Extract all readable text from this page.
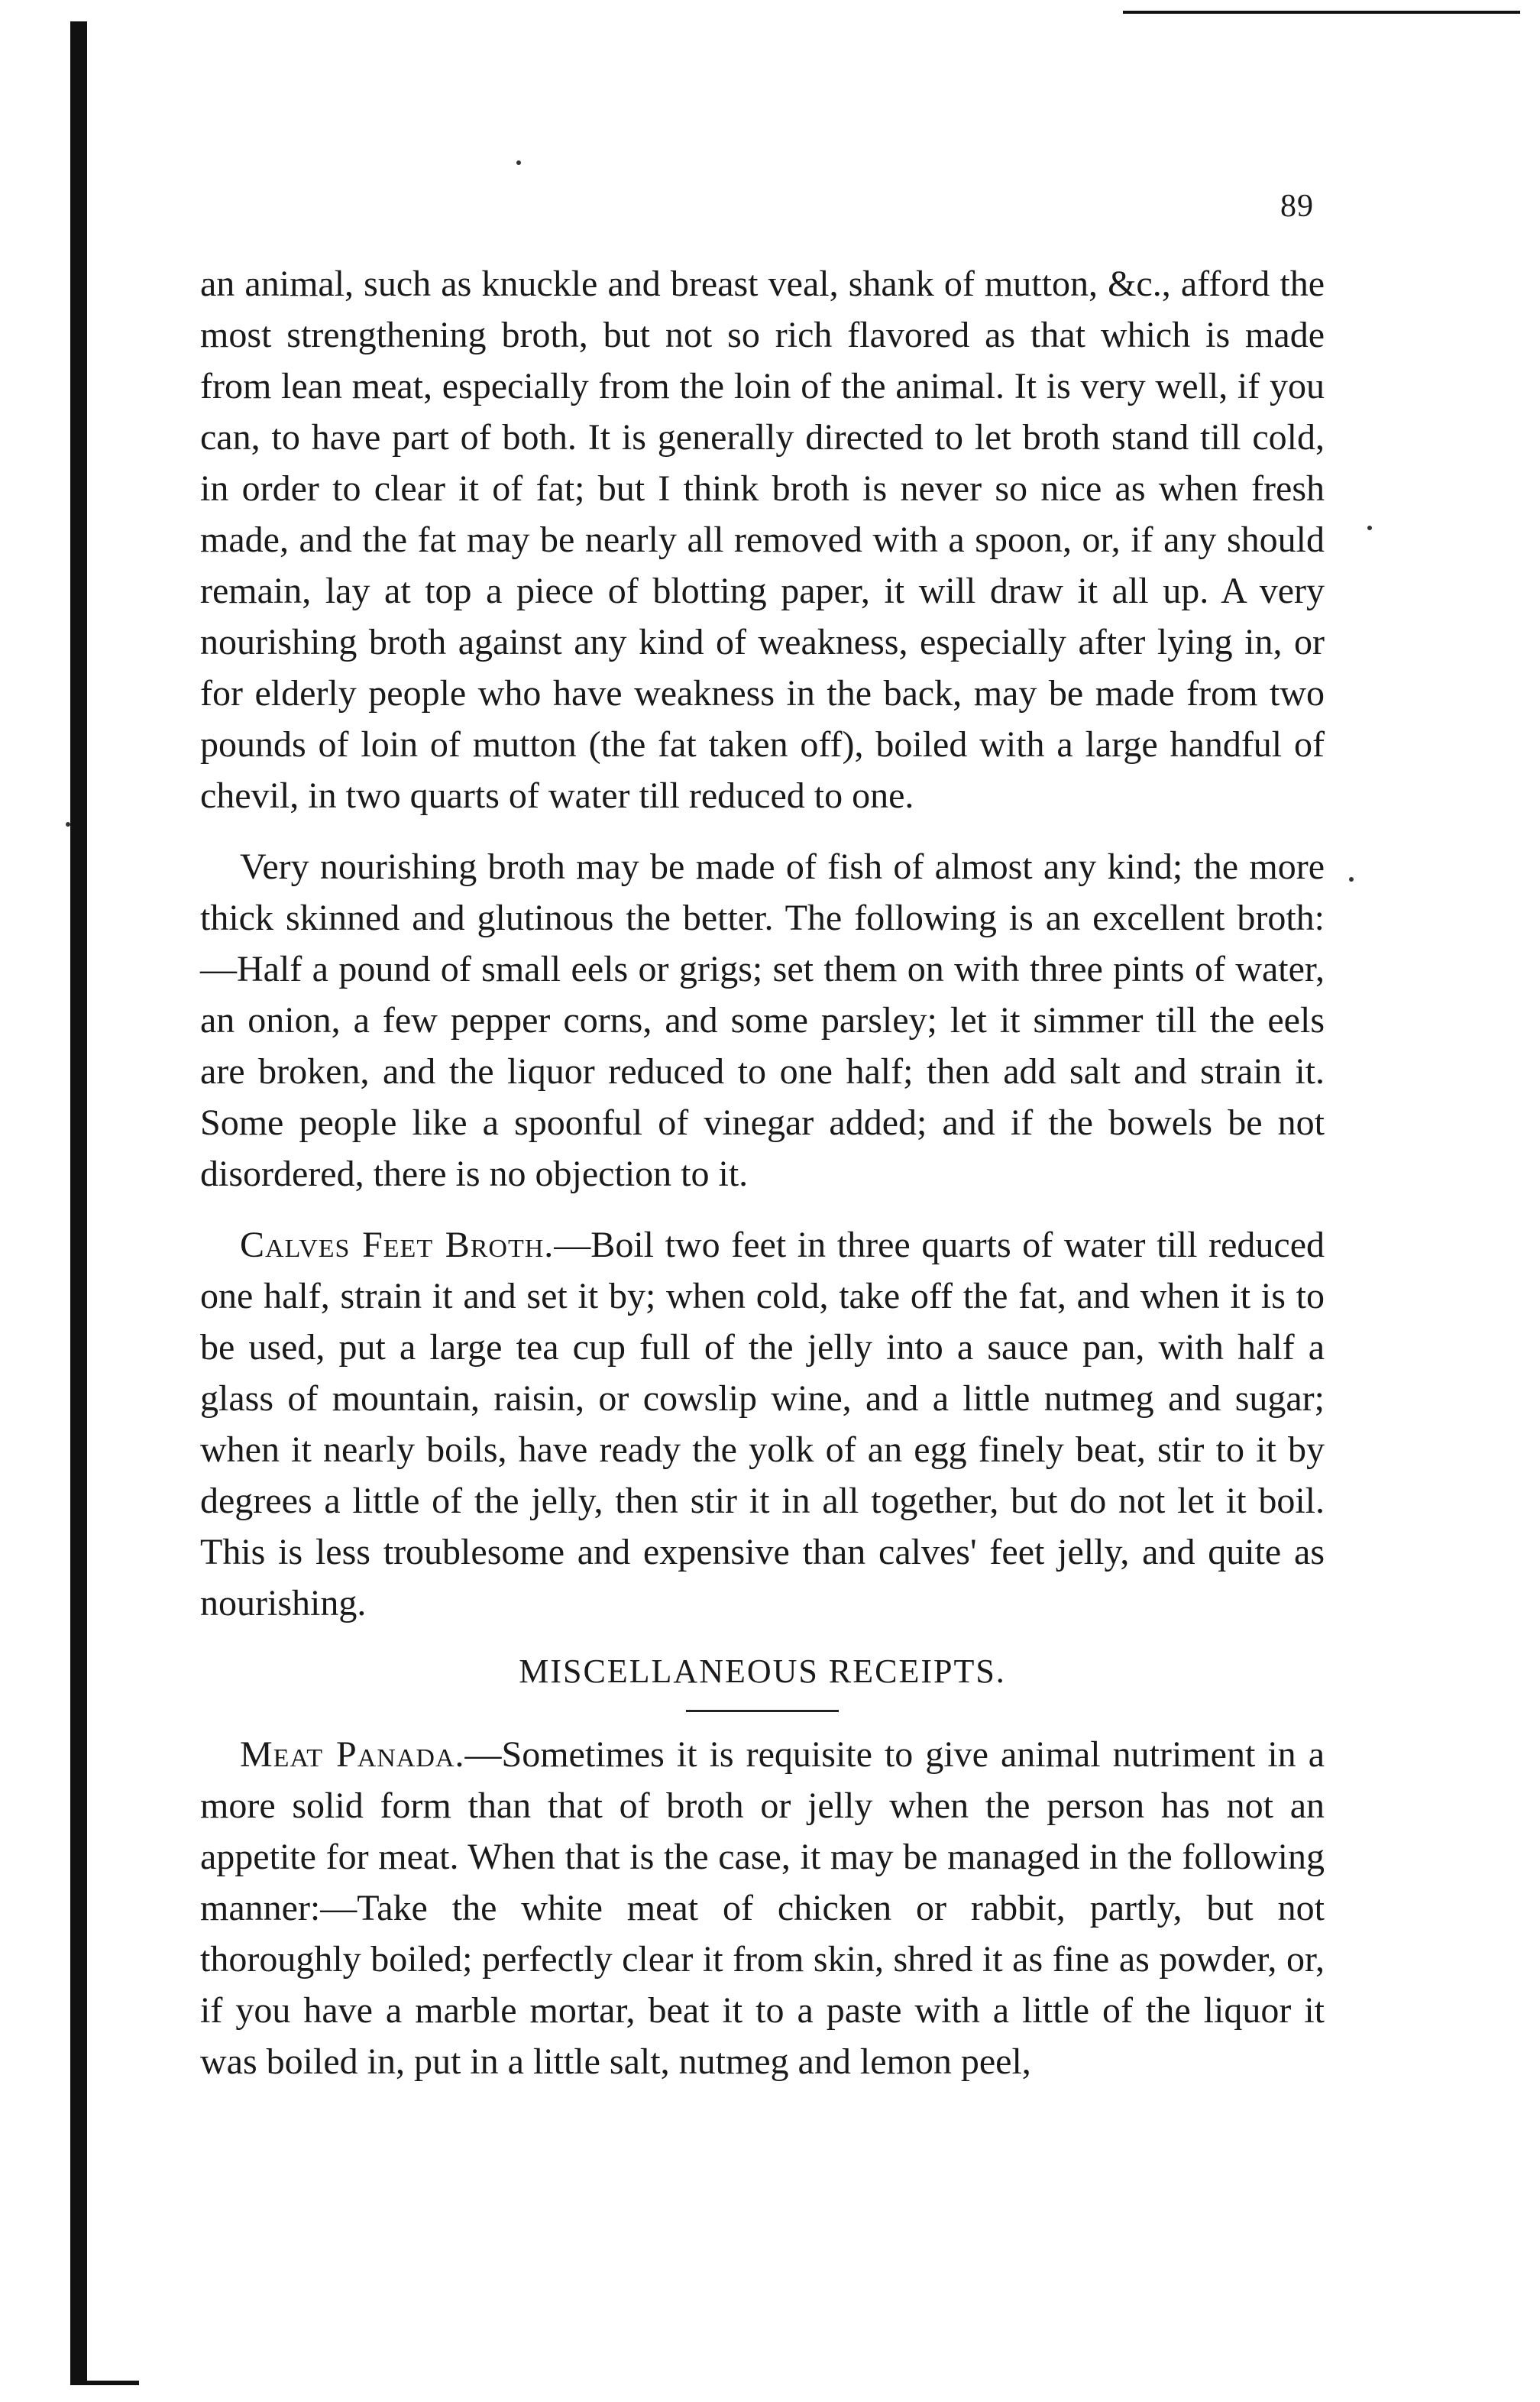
89

an animal, such as knuckle and breast veal, shank of mutton, &c., afford the most strengthening broth, but not so rich flavored as that which is made from lean meat, especially from the loin of the animal. It is very well, if you can, to have part of both. It is generally directed to let broth stand till cold, in order to clear it of fat; but I think broth is never so nice as when fresh made, and the fat may be nearly all removed with a spoon, or, if any should remain, lay at top a piece of blotting paper, it will draw it all up. A very nourishing broth against any kind of weakness, especially after lying in, or for elderly people who have weakness in the back, may be made from two pounds of loin of mutton (the fat taken off), boiled with a large handful of chevil, in two quarts of water till reduced to one.

Very nourishing broth may be made of fish of almost any kind; the more thick skinned and glutinous the better. The following is an excellent broth:—Half a pound of small eels or grigs; set them on with three pints of water, an onion, a few pepper corns, and some parsley; let it simmer till the eels are broken, and the liquor reduced to one half; then add salt and strain it. Some people like a spoonful of vinegar added; and if the bowels be not disordered, there is no objection to it.

Calves Feet Broth.—Boil two feet in three quarts of water till reduced one half, strain it and set it by; when cold, take off the fat, and when it is to be used, put a large tea cup full of the jelly into a sauce pan, with half a glass of mountain, raisin, or cowslip wine, and a little nutmeg and sugar; when it nearly boils, have ready the yolk of an egg finely beat, stir to it by degrees a little of the jelly, then stir it in all together, but do not let it boil. This is less troublesome and expensive than calves' feet jelly, and quite as nourishing.

MISCELLANEOUS RECEIPTS.

Meat Panada.—Sometimes it is requisite to give animal nutriment in a more solid form than that of broth or jelly when the person has not an appetite for meat. When that is the case, it may be managed in the following manner:—Take the white meat of chicken or rabbit, partly, but not thoroughly boiled; perfectly clear it from skin, shred it as fine as powder, or, if you have a marble mortar, beat it to a paste with a little of the liquor it was boiled in, put in a little salt, nutmeg and lemon peel,
